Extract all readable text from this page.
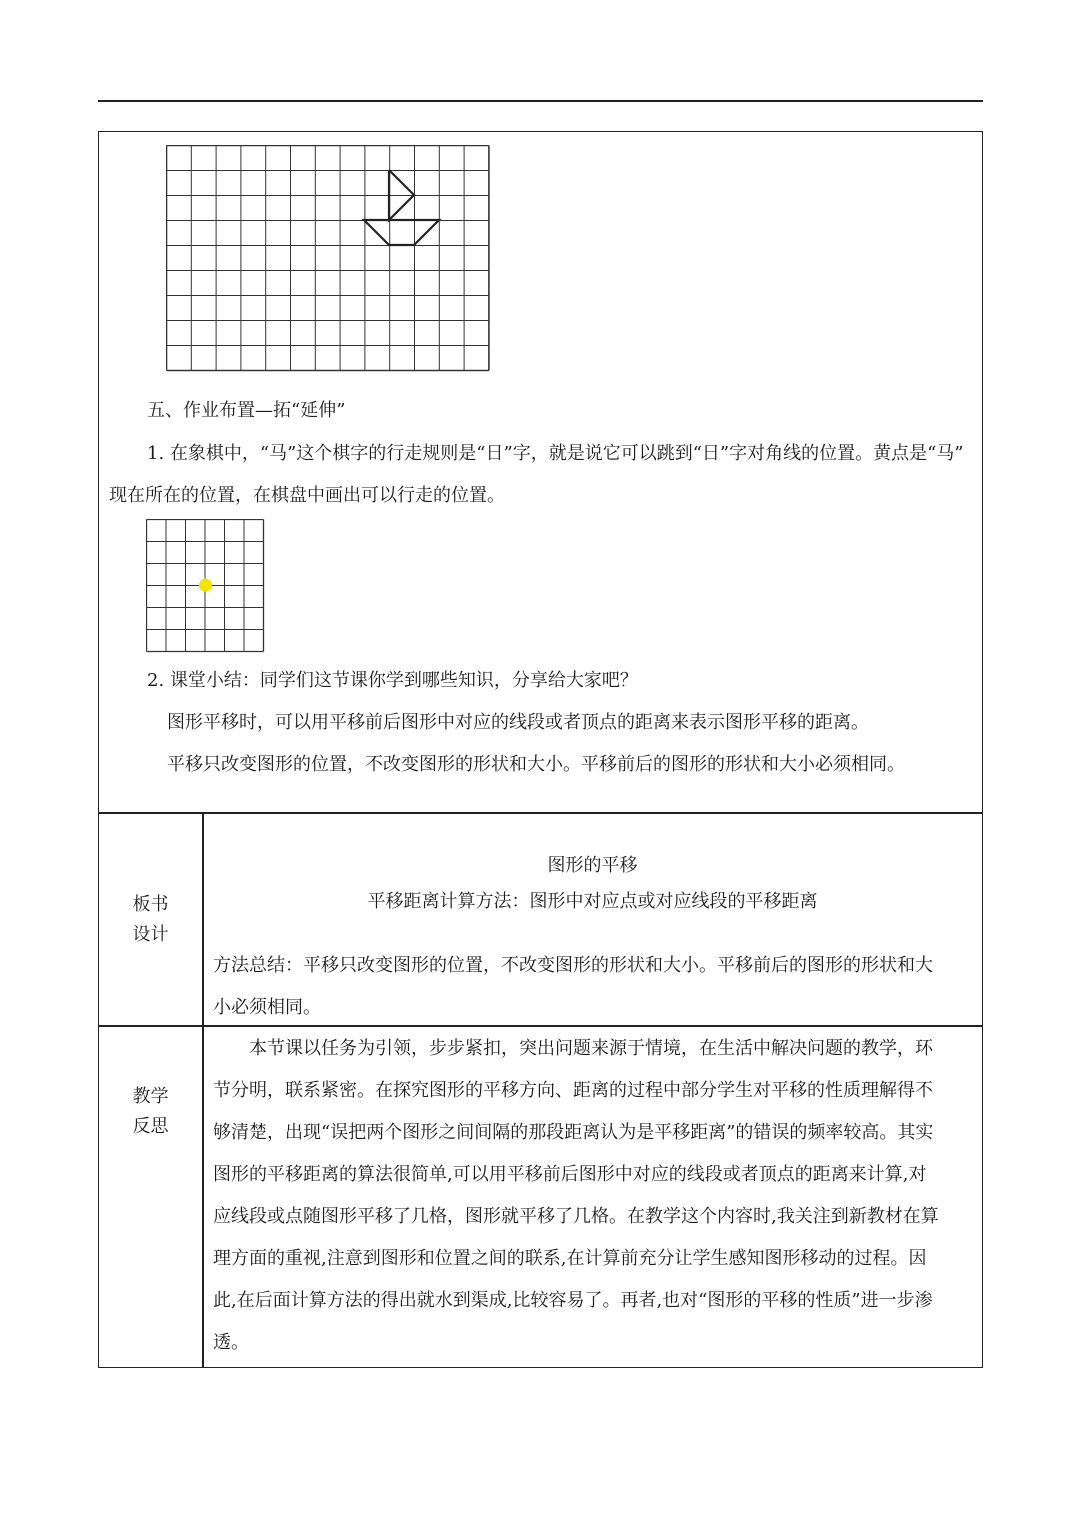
五、作业布置—拓“延伸”
1. 在象棋中，“马”这个棋字的行走规则是“日”字，就是说它可以跳到“日”字对角线的位置。黄点是“马”
现在所在的位置，在棋盘中画出可以行走的位置。
2. 课堂小结：同学们这节课你学到哪些知识，分享给大家吧？
图形平移时，可以用平移前后图形中对应的线段或者顶点的距离来表示图形平移的距离。
平移只改变图形的位置，不改变图形的形状和大小。平移前后的图形的形状和大小必须相同。
板书
设计
图形的平移
平移距离计算方法：图形中对应点或对应线段的平移距离
方法总结：平移只改变图形的位置，不改变图形的形状和大小。平移前后的图形的形状和大
小必须相同。
教学
反思
本节课以任务为引领，步步紧扣，突出问题来源于情境，在生活中解决问题的教学，环
节分明，联系紧密。在探究图形的平移方向、距离的过程中部分学生对平移的性质理解得不
够清楚，出现“误把两个图形之间间隔的那段距离认为是平移距离”的错误的频率较高。其实
图形的平移距离的算法很简单,可以用平移前后图形中对应的线段或者顶点的距离来计算,对
应线段或点随图形平移了几格，图形就平移了几格。在教学这个内容时,我关注到新教材在算
理方面的重视,注意到图形和位置之间的联系,在计算前充分让学生感知图形移动的过程。因
此,在后面计算方法的得出就水到渠成,比较容易了。再者,也对“图形的平移的性质”进一步渗
透。
